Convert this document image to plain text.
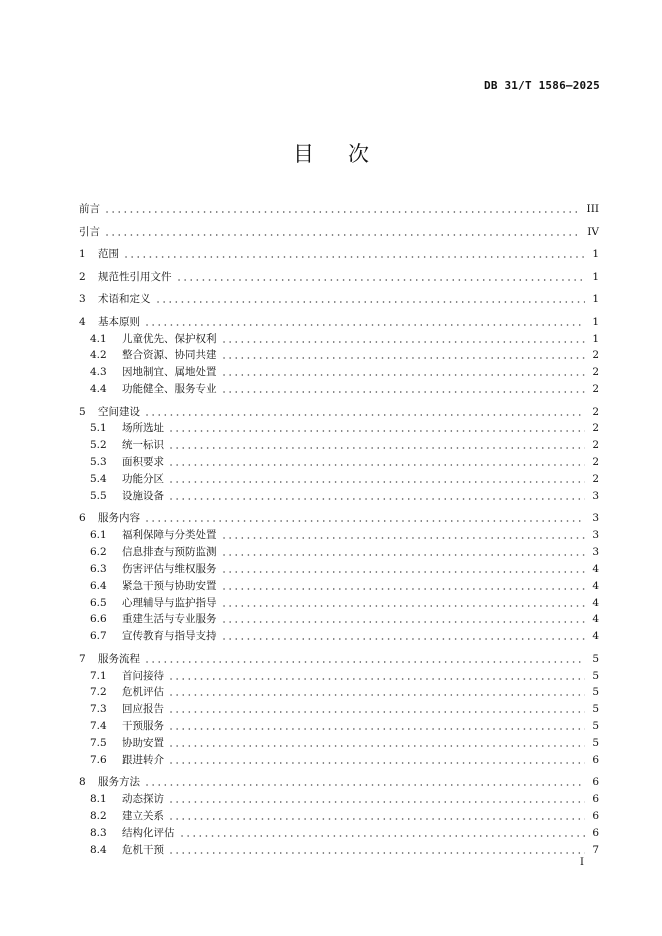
DB 31/T 1586—2025
目次
前言	III
引言	IV
1	范围	1
2	规范性引用文件	1
3	术语和定义	1
4	基本原则	1
4.1	儿童优先、保护权利	1
4.2	整合资源、协同共建	2
4.3	因地制宜、属地处置	2
4.4	功能健全、服务专业	2
5	空间建设	2
5.1	场所选址	2
5.2	统一标识	2
5.3	面积要求	2
5.4	功能分区	2
5.5	设施设备	3
6	服务内容	3
6.1	福利保障与分类处置	3
6.2	信息排查与预防监测	3
6.3	伤害评估与维权服务	4
6.4	紧急干预与协助安置	4
6.5	心理辅导与监护指导	4
6.6	重建生活与专业服务	4
6.7	宣传教育与指导支持	4
7	服务流程	5
7.1	首问接待	5
7.2	危机评估	5
7.3	回应报告	5
7.4	干预服务	5
7.5	协助安置	5
7.6	跟进转介	6
8	服务方法	6
8.1	动态探访	6
8.2	建立关系	6
8.3	结构化评估	6
8.4	危机干预	7
I
